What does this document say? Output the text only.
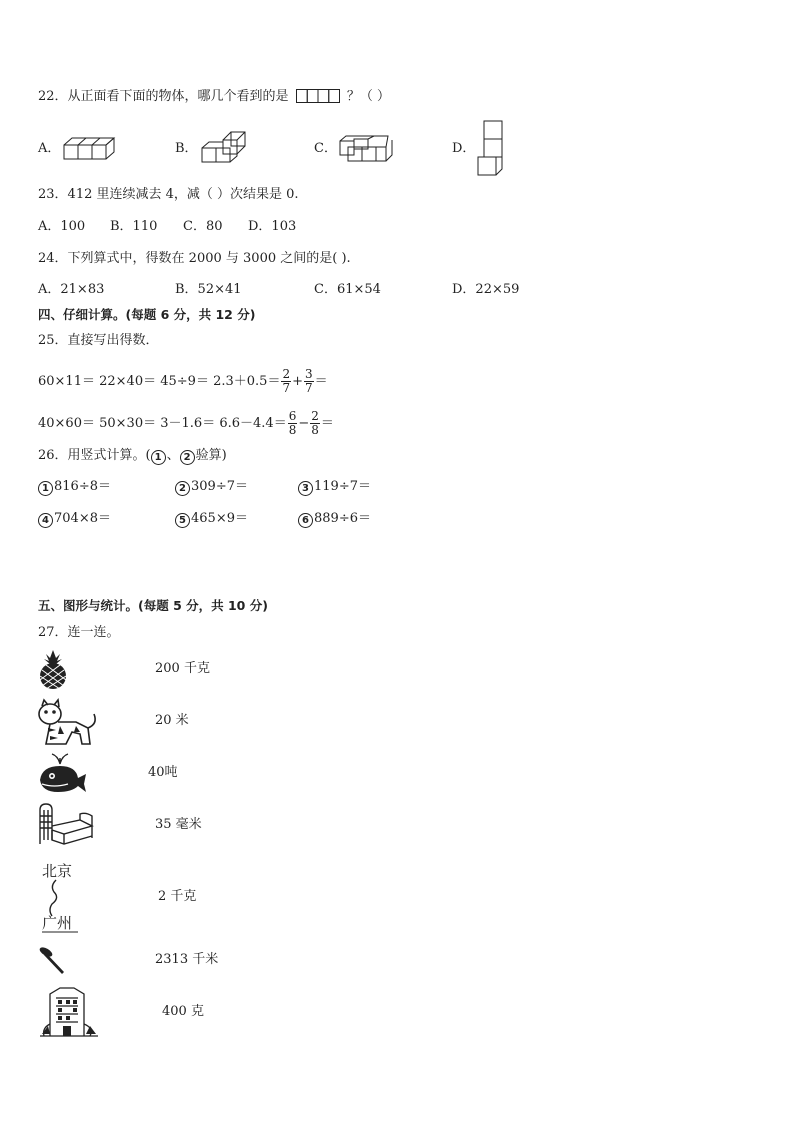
22．从正面看下面的物体，哪几个看到的是	？（ ）
A．	B．	C．	D．
23．412 里连续减去 4，减（ ）次结果是 0.
A．100 B．110 C．80 D．103
24．下列算式中，得数在 2000 与 3000 之间的是( ).
A．21×83	B．52×41	C．61×54	D．22×59
四、仔细计算。(每题 6 分，共 12 分)
25．直接写出得数．
$60\times 11= 22\times 40= 45\div 9= 2.3+0.5= \frac{2}{7} + \frac{3}{7}$ ＝
$40\times 60= 50\times 30= 3-1.6= 6.6-4.4= \frac{6}{8} - \frac{2}{8}$ ＝
26．用竖式计算。( 1 、 2 验算)
1 816÷8＝	2 309÷7＝	3 119÷7＝
4 704×8＝	5 465×9＝	6 889÷6＝
五、图形与统计。(每题 5 分，共 10 分)
27．连一连。
北京
广州
200 千克
20 米
40吨
35 毫米
2 千克
2313 千米
400 克
